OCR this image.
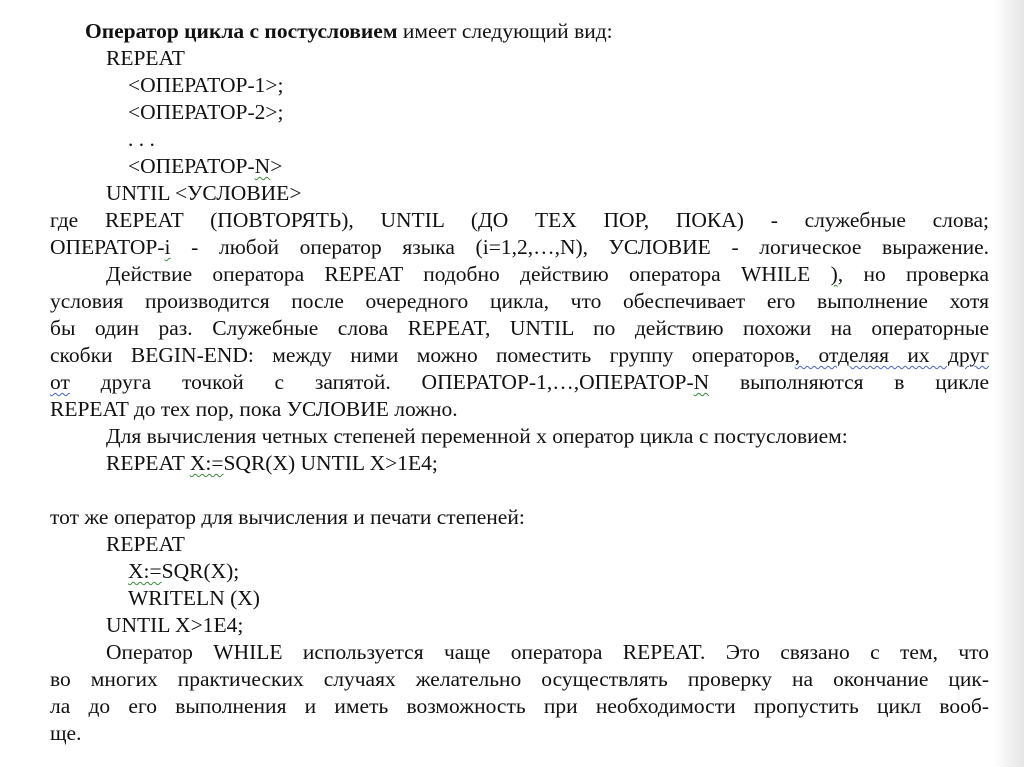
Оператор цикла с постусловием имеет следующий вид:
REPEAT
<ОПЕРАТОР-1>;
<ОПЕРАТОР-2>;
. . .
<ОПЕРАТОР-N>
UNTIL <УСЛОВИЕ>
где REPEAT (ПОВТОРЯТЬ), UNTIL (ДО ТЕХ ПОР, ПОКА) - служебные слова;
ОПЕРАТОР-i - любой оператор языка (i=1,2,…,N), УСЛОВИЕ - логическое выражение.
Действие оператора REPEAT подобно действию оператора WHILE ), но проверка
условия производится после очередного цикла, что обеспечивает его выполнение хотя
бы один раз. Служебные слова REPEAT, UNTIL по действию похожи на операторные
скобки BEGIN-END: между ними можно поместить группу операторов, отделяя их друг
от друга точкой с запятой. ОПЕРАТОР-1,…,ОПЕРАТОР-N выполняются в цикле
REPEAT до тех пор, пока УСЛОВИЕ ложно.
Для вычисления четных степеней переменной x оператор цикла с постусловием:
REPEAT X:=SQR(X) UNTIL X>1E4;
тот же оператор для вычисления и печати степеней:
REPEAT
X:=SQR(X);
WRITELN (X)
UNTIL X>1E4;
Оператор WHILE используется чаще оператора REPEAT. Это связано с тем, что
во многих практических случаях желательно осуществлять проверку на окончание цик-
ла до его выполнения и иметь возможность при необходимости пропустить цикл вооб-
ще.
